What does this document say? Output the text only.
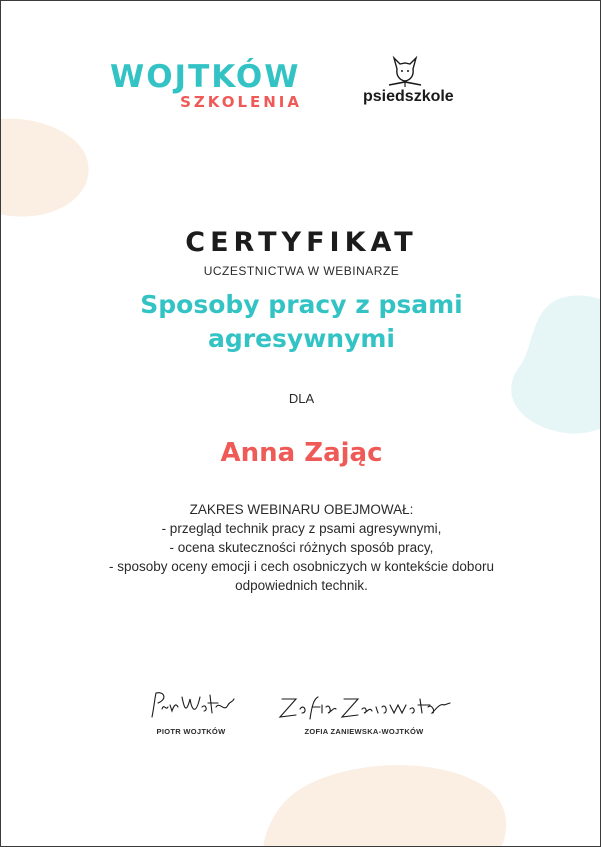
WOJTKÓW
SZKOLENIA	psiedszkole
CERTYFIKAT
UCZESTNICTWA W WEBINARZE
Sposoby pracy z psami
agresywnymi
DLA
Anna Zając
ZAKRES WEBINARU OBEJMOWAŁ:
- przegląd technik pracy z psami agresywnymi,
- ocena skuteczności różnych sposób pracy,
- sposoby oceny emocji i cech osobniczych w kontekście doboru
odpowiednich technik.
PIOTR WOJTKÓW	ZOFIA ZANIEWSKA-WOJTKÓW
